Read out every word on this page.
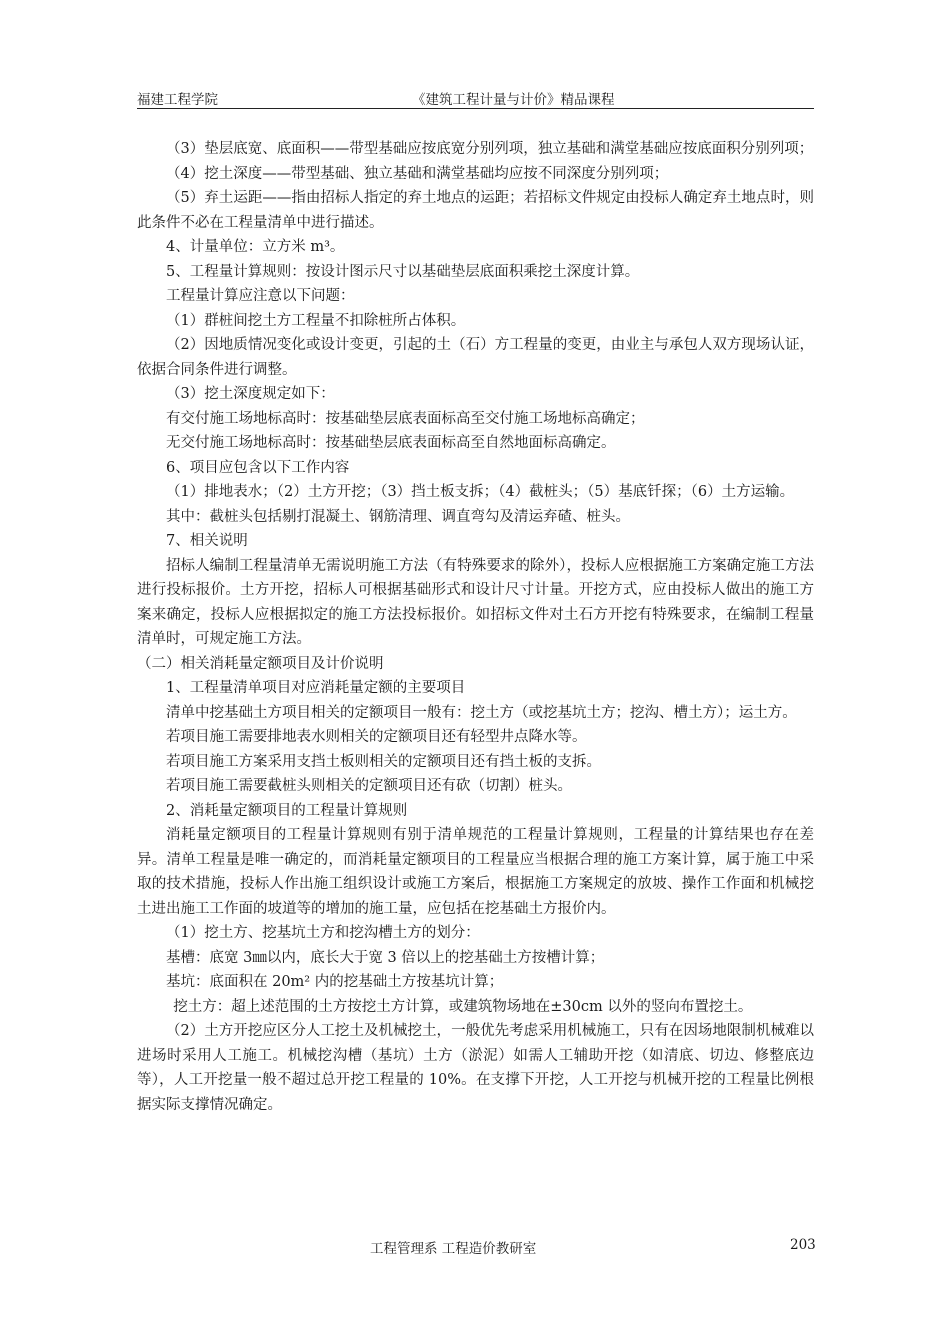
福建工程学院	《建筑工程计量与计价》精品课程

（3）垫层底宽、底面积——带型基础应按底宽分别列项，独立基础和满堂基础应按底面积分别列项；

（4）挖土深度——带型基础、独立基础和满堂基础均应按不同深度分别列项；

（5）弃土运距——指由招标人指定的弃土地点的运距；若招标文件规定由投标人确定弃土地点时，则此条件不必在工程量清单中进行描述。

4、计量单位：立方米 m³。

5、工程量计算规则：按设计图示尺寸以基础垫层底面积乘挖土深度计算。

工程量计算应注意以下问题：

（1）群桩间挖土方工程量不扣除桩所占体积。

（2）因地质情况变化或设计变更，引起的土（石）方工程量的变更，由业主与承包人双方现场认证，依据合同条件进行调整。

（3）挖土深度规定如下：

有交付施工场地标高时：按基础垫层底表面标高至交付施工场地标高确定；

无交付施工场地标高时：按基础垫层底表面标高至自然地面标高确定。

6、项目应包含以下工作内容

（1）排地表水；（2）土方开挖；（3）挡土板支拆；（4）截桩头；（5）基底钎探；（6）土方运输。

其中：截桩头包括剔打混凝土、钢筋清理、调直弯勾及清运弃碴、桩头。

7、相关说明

招标人编制工程量清单无需说明施工方法（有特殊要求的除外），投标人应根据施工方案确定施工方法进行投标报价。土方开挖，招标人可根据基础形式和设计尺寸计量。开挖方式，应由投标人做出的施工方案来确定，投标人应根据拟定的施工方法投标报价。如招标文件对土石方开挖有特殊要求，在编制工程量清单时，可规定施工方法。

（二）相关消耗量定额项目及计价说明

1、工程量清单项目对应消耗量定额的主要项目

清单中挖基础土方项目相关的定额项目一般有：挖土方（或挖基坑土方；挖沟、槽土方）；运土方。

若项目施工需要排地表水则相关的定额项目还有轻型井点降水等。

若项目施工方案采用支挡土板则相关的定额项目还有挡土板的支拆。

若项目施工需要截桩头则相关的定额项目还有砍（切割）桩头。

2、消耗量定额项目的工程量计算规则

消耗量定额项目的工程量计算规则有别于清单规范的工程量计算规则，工程量的计算结果也存在差异。清单工程量是唯一确定的，而消耗量定额项目的工程量应当根据合理的施工方案计算，属于施工中采取的技术措施，投标人作出施工组织设计或施工方案后，根据施工方案规定的放坡、操作工作面和机械挖土进出施工工作面的坡道等的增加的施工量，应包括在挖基础土方报价内。

（1）挖土方、挖基坑土方和挖沟槽土方的划分：

基槽：底宽 3㎜以内，底长大于宽 3 倍以上的挖基础土方按槽计算；

基坑：底面积在 20m² 内的挖基础土方按基坑计算；

挖土方：超上述范围的土方按挖土方计算，或建筑物场地在±30cm 以外的竖向布置挖土。

（2）土方开挖应区分人工挖土及机械挖土，一般优先考虑采用机械施工，只有在因场地限制机械难以进场时采用人工施工。机械挖沟槽（基坑）土方（淤泥）如需人工辅助开挖（如清底、切边、修整底边等），人工开挖量一般不超过总开挖工程量的 10%。在支撑下开挖，人工开挖与机械开挖的工程量比例根据实际支撑情况确定。

工程管理系 工程造价教研室	203
